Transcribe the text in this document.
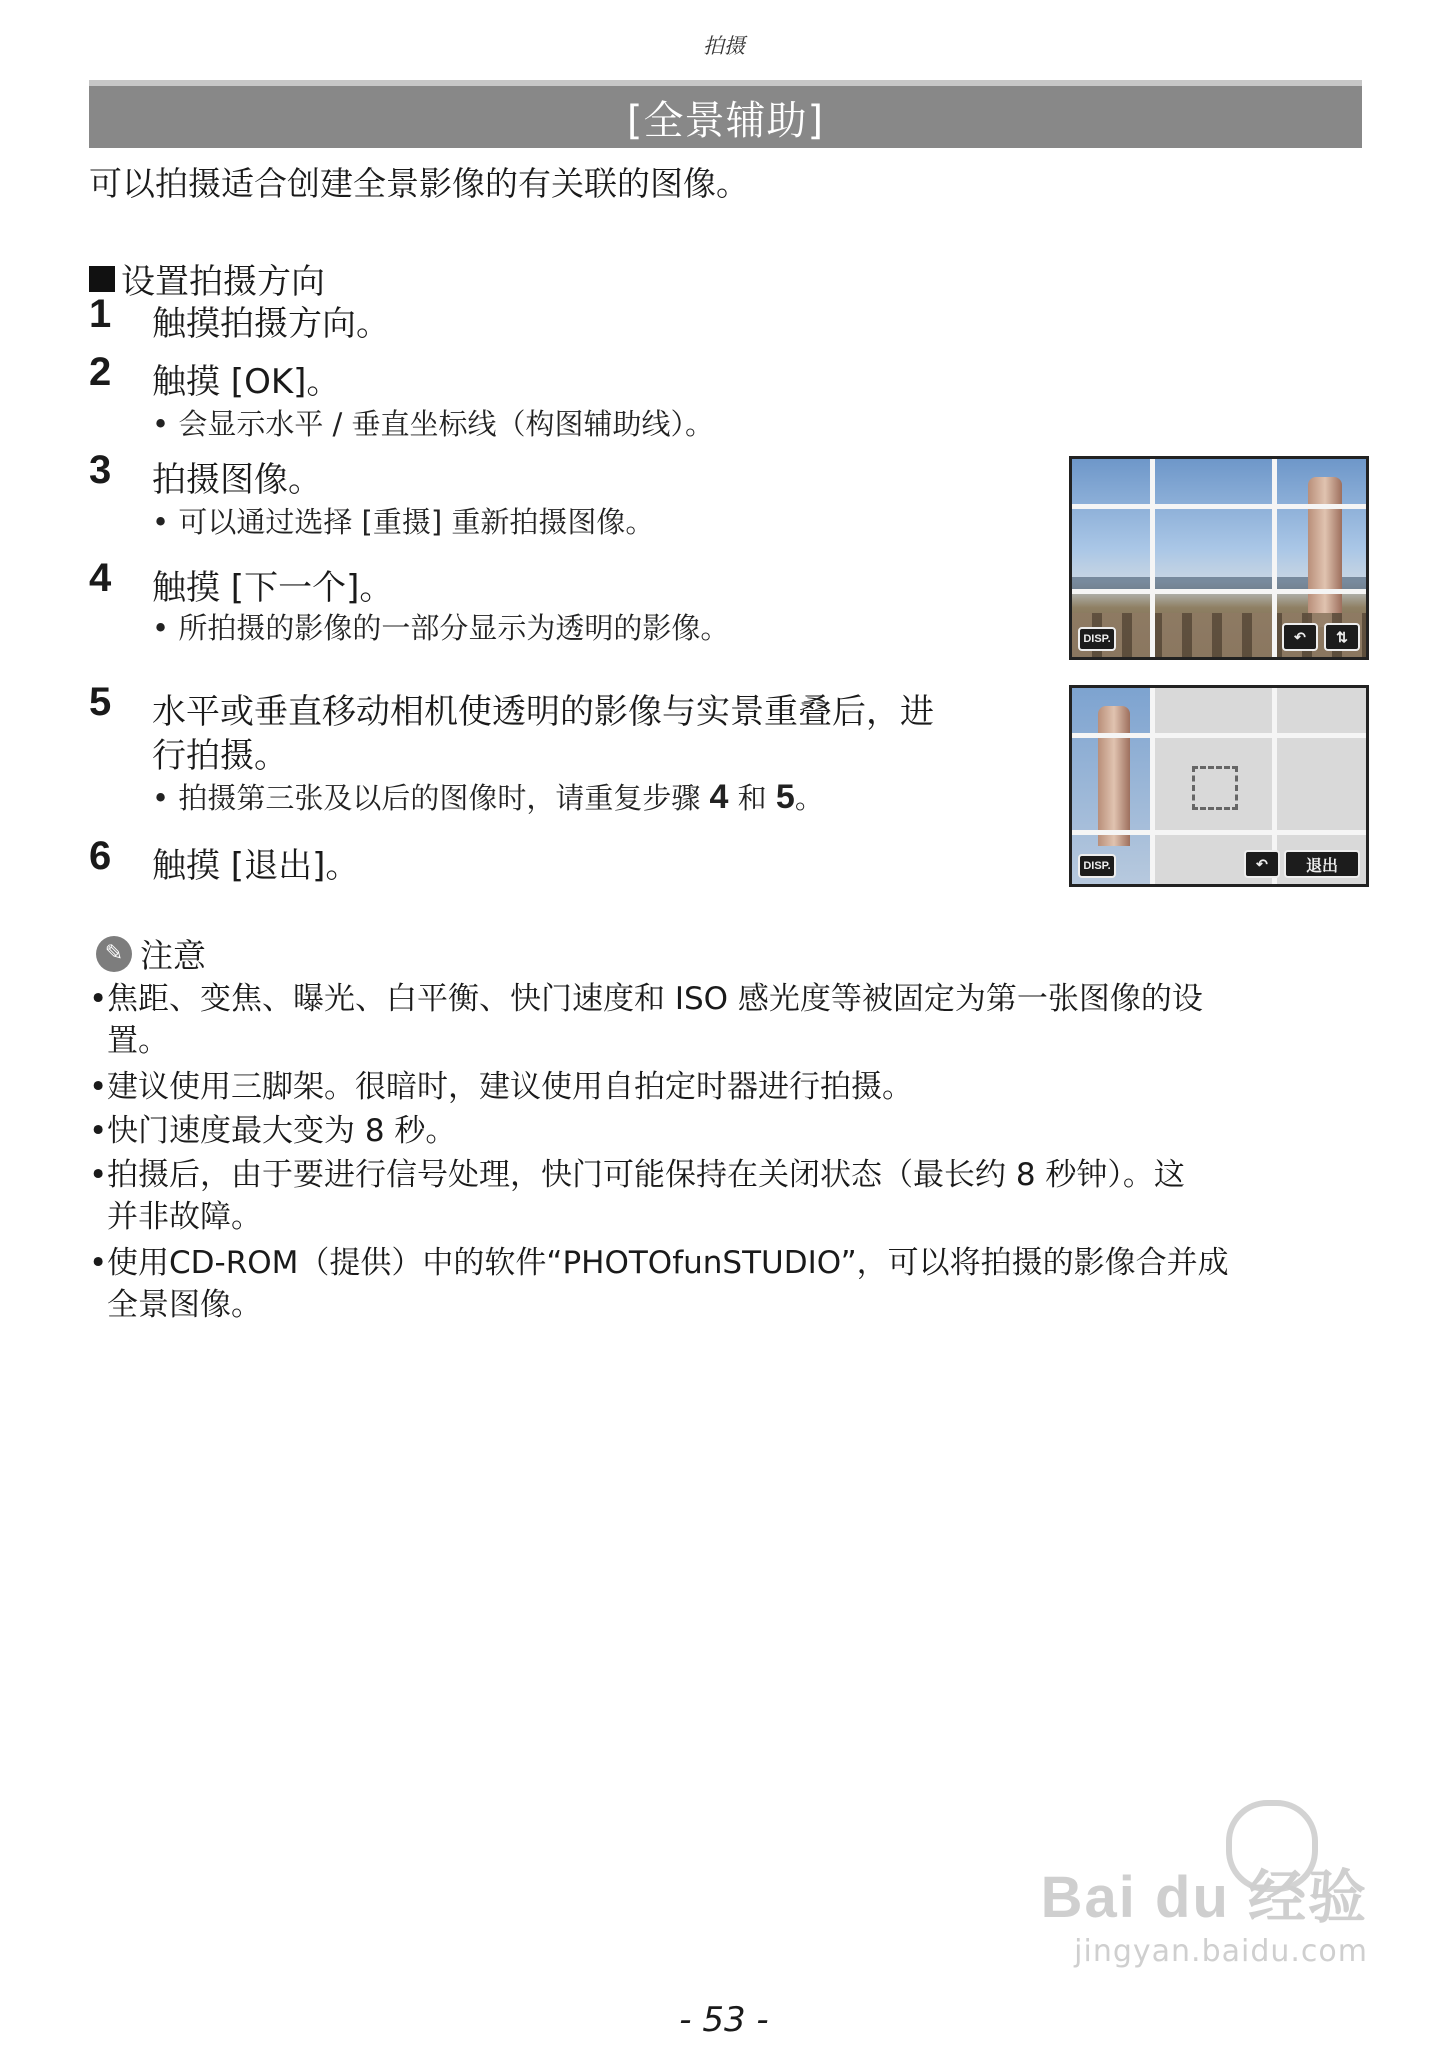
拍摄
[全景辅助]
可以拍摄适合创建全景影像的有关联的图像。
设置拍摄方向
1 触摸拍摄方向。
2 触摸 [OK]。
• 会显示水平 / 垂直坐标线（构图辅助线）。
3 拍摄图像。
• 可以通过选择 [重摄] 重新拍摄图像。
4 触摸 [下一个]。
• 所拍摄的影像的一部分显示为透明的影像。
5 水平或垂直移动相机使透明的影像与实景重叠后，进
行拍摄。
• 拍摄第三张及以后的图像时，请重复步骤 4 和 5。
6 触摸 [退出]。
DISP.	↶	⇅
DISP.	↶	退出
✎ 注意
•焦距、变焦、曝光、白平衡、快门速度和 ISO 感光度等被固定为第一张图像的设
置。
•建议使用三脚架。很暗时，建议使用自拍定时器进行拍摄。
•快门速度最大变为 8 秒。
•拍摄后，由于要进行信号处理，快门可能保持在关闭状态（最长约 8 秒钟）。这
并非故障。
•使用CD-ROM（提供）中的软件“PHOTOfunSTUDIO”，可以将拍摄的影像合并成
全景图像。
Bai du 经验
jingyan.baidu.com
- 53 -
